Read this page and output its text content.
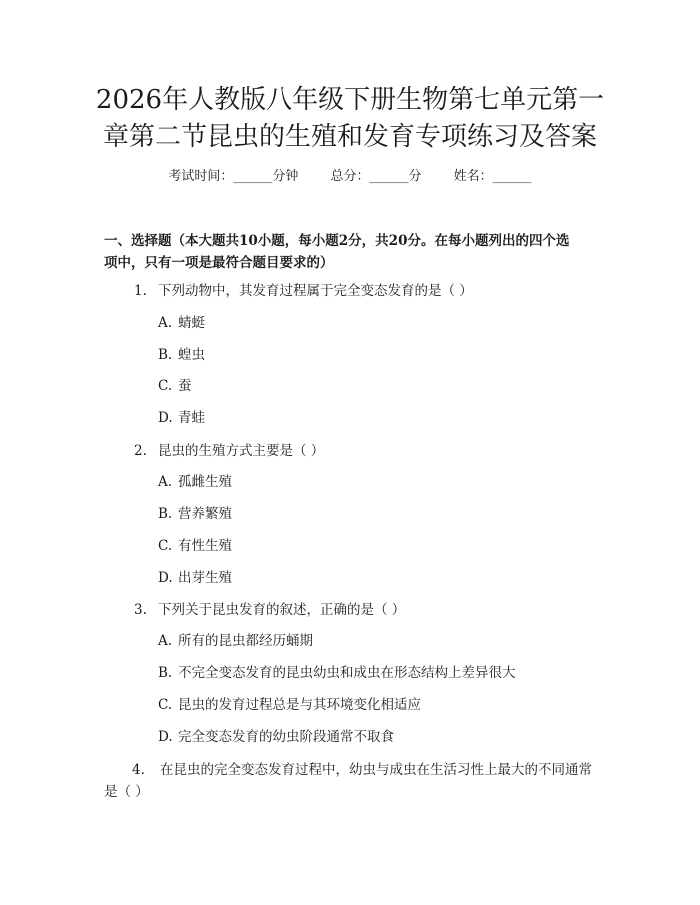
2026年人教版八年级下册生物第七单元第一
章第二节昆虫的生殖和发育专项练习及答案
考试时间：______分钟 总分：______分 姓名：______
一、选择题（本大题共10小题，每小题2分，共20分。在每小题列出的四个选
项中，只有一项是最符合题目要求的）
1. 下列动物中，其发育过程属于完全变态发育的是（ ）
A. 蜻蜓
B. 蝗虫
C. 蚕
D. 青蛙
2. 昆虫的生殖方式主要是（ ）
A. 孤雌生殖
B. 营养繁殖
C. 有性生殖
D. 出芽生殖
3. 下列关于昆虫发育的叙述，正确的是（ ）
A. 所有的昆虫都经历蛹期
B. 不完全变态发育的昆虫幼虫和成虫在形态结构上差异很大
C. 昆虫的发育过程总是与其环境变化相适应
D. 完全变态发育的幼虫阶段通常不取食
4. 在昆虫的完全变态发育过程中，幼虫与成虫在生活习性上最大的不同通常是（ ）
